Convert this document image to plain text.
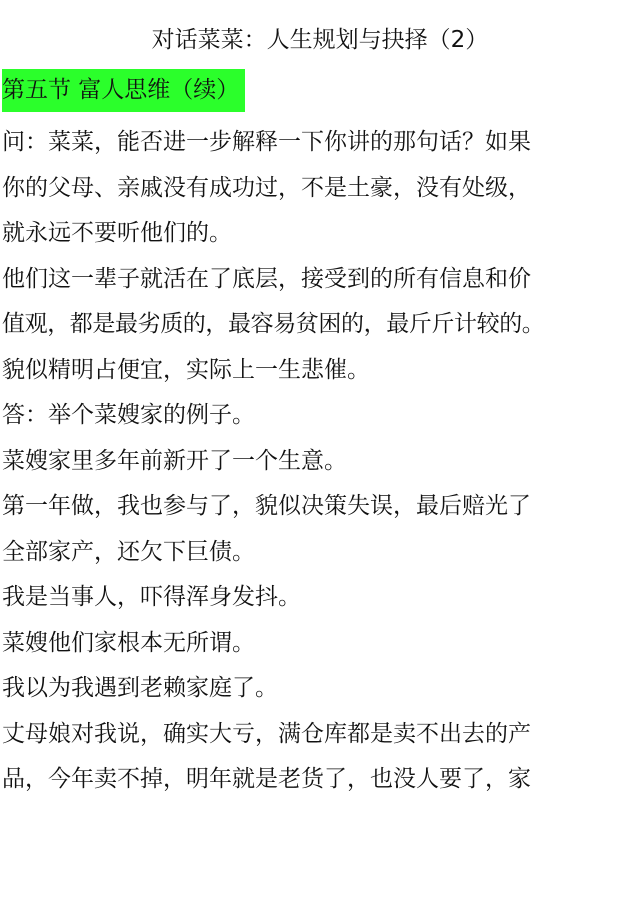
对话菜菜：人生规划与抉择（2）
第五节 富人思维（续）
问：菜菜，能否进一步解释一下你讲的那句话？如果
你的父母、亲戚没有成功过，不是土豪，没有处级，
就永远不要听他们的。
他们这一辈子就活在了底层，接受到的所有信息和价
值观，都是最劣质的，最容易贫困的，最斤斤计较的。
貌似精明占便宜，实际上一生悲催。
答：举个菜嫂家的例子。
菜嫂家里多年前新开了一个生意。
第一年做，我也参与了，貌似决策失误，最后赔光了
全部家产，还欠下巨债。
我是当事人，吓得浑身发抖。
菜嫂他们家根本无所谓。
我以为我遇到老赖家庭了。
丈母娘对我说，确实大亏，满仓库都是卖不出去的产
品，今年卖不掉，明年就是老货了，也没人要了，家
